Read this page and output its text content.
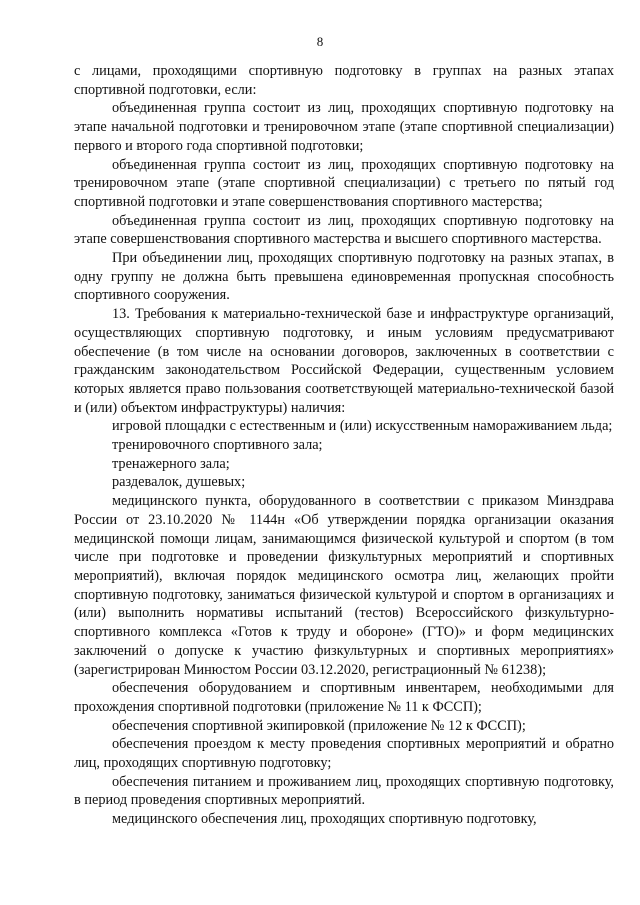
8

с лицами, проходящими спортивную подготовку в группах на разных этапах спортивной подготовки, если:

объединенная группа состоит из лиц, проходящих спортивную подготовку на этапе начальной подготовки и тренировочном этапе (этапе спортивной специализации) первого и второго года спортивной подготовки;

объединенная группа состоит из лиц, проходящих спортивную подготовку на тренировочном этапе (этапе спортивной специализации) с третьего по пятый год спортивной подготовки и этапе совершенствования спортивного мастерства;

объединенная группа состоит из лиц, проходящих спортивную подготовку на этапе совершенствования спортивного мастерства и высшего спортивного мастерства.

При объединении лиц, проходящих спортивную подготовку на разных этапах, в одну группу не должна быть превышена единовременная пропускная способность спортивного сооружения.

13. Требования к материально-технической базе и инфраструктуре организаций, осуществляющих спортивную подготовку, и иным условиям предусматривают обеспечение (в том числе на основании договоров, заключенных в соответствии с гражданским законодательством Российской Федерации, существенным условием которых является право пользования соответствующей материально-технической базой и (или) объектом инфраструктуры) наличия:

игровой площадки с естественным и (или) искусственным намораживанием льда;

тренировочного спортивного зала;

тренажерного зала;

раздевалок, душевых;

медицинского пункта, оборудованного в соответствии с приказом Минздрава России от 23.10.2020 № 1144н «Об утверждении порядка организации оказания медицинской помощи лицам, занимающимся физической культурой и спортом (в том числе при подготовке и проведении физкультурных мероприятий и спортивных мероприятий), включая порядок медицинского осмотра лиц, желающих пройти спортивную подготовку, заниматься физической культурой и спортом в организациях и (или) выполнить нормативы испытаний (тестов) Всероссийского физкультурно-спортивного комплекса «Готов к труду и обороне» (ГТО)» и форм медицинских заключений о допуске к участию физкультурных и спортивных мероприятиях» (зарегистрирован Минюстом России 03.12.2020, регистрационный № 61238);

обеспечения оборудованием и спортивным инвентарем, необходимыми для прохождения спортивной подготовки (приложение № 11 к ФССП);

обеспечения спортивной экипировкой (приложение № 12 к ФССП);

обеспечения проездом к месту проведения спортивных мероприятий и обратно лиц, проходящих спортивную подготовку;

обеспечения питанием и проживанием лиц, проходящих спортивную подготовку, в период проведения спортивных мероприятий.

медицинского обеспечения лиц, проходящих спортивную подготовку,
